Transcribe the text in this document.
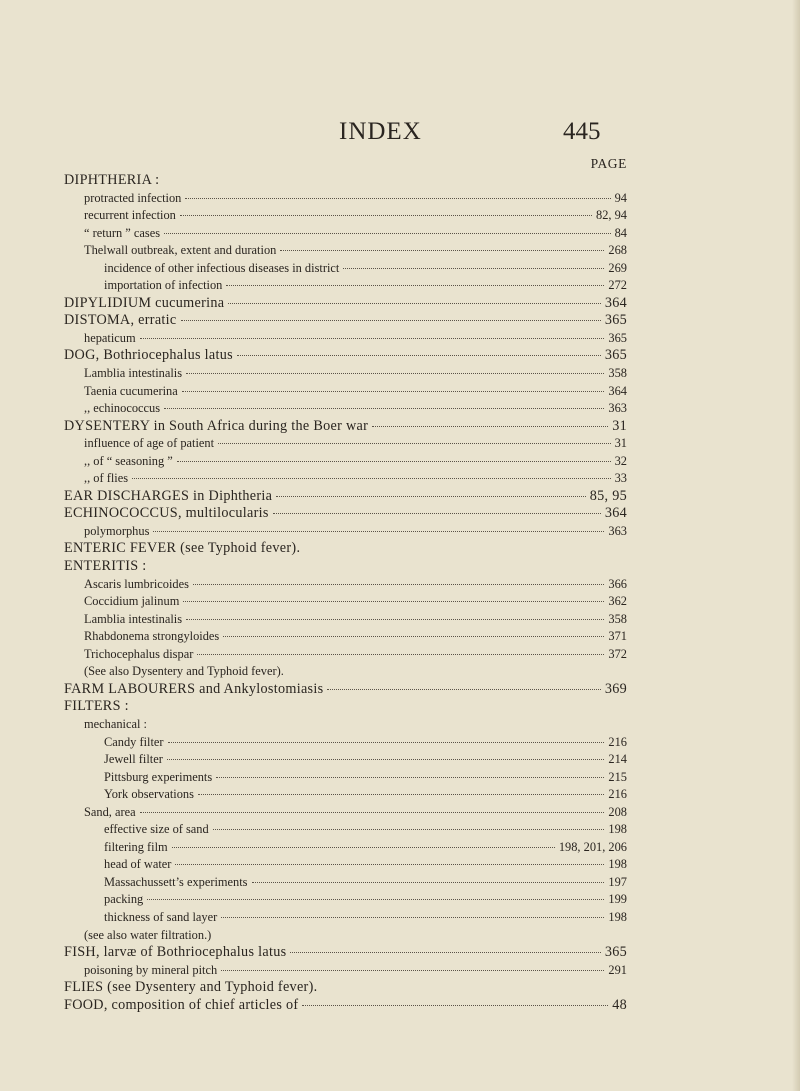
INDEX	445
PAGE
DIPHTHERIA :
protracted infection	94
recurrent infection	82, 94
“ return ” cases	84
Thelwall outbreak, extent and duration	268
incidence of other infectious diseases in district	269
importation of infection	272
DIPYLIDIUM cucumerina	364
DISTOMA, erratic	365
hepaticum	365
DOG, Bothriocephalus latus	365
Lamblia intestinalis	358
Taenia cucumerina	364
,, echinococcus	363
DYSENTERY in South Africa during the Boer war	31
influence of age of patient	31
,, of “ seasoning ”	32
,, of flies	33
EAR DISCHARGES in Diphtheria	85, 95
ECHINOCOCCUS, multilocularis	364
polymorphus	363
ENTERIC FEVER (see Typhoid fever).
ENTERITIS :
Ascaris lumbricoides	366
Coccidium jalinum	362
Lamblia intestinalis	358
Rhabdonema strongyloides	371
Trichocephalus dispar	372
(See also Dysentery and Typhoid fever).
FARM LABOURERS and Ankylostomiasis	369
FILTERS :
mechanical :
Candy filter	216
Jewell filter	214
Pittsburg experiments	215
York observations	216
Sand, area	208
effective size of sand	198
filtering film	198, 201, 206
head of water	198
Massachussett’s experiments	197
packing	199
thickness of sand layer	198
(see also water filtration.)
FISH, larvæ of Bothriocephalus latus	365
poisoning by mineral pitch	291
FLIES (see Dysentery and Typhoid fever).
FOOD, composition of chief articles of	48
